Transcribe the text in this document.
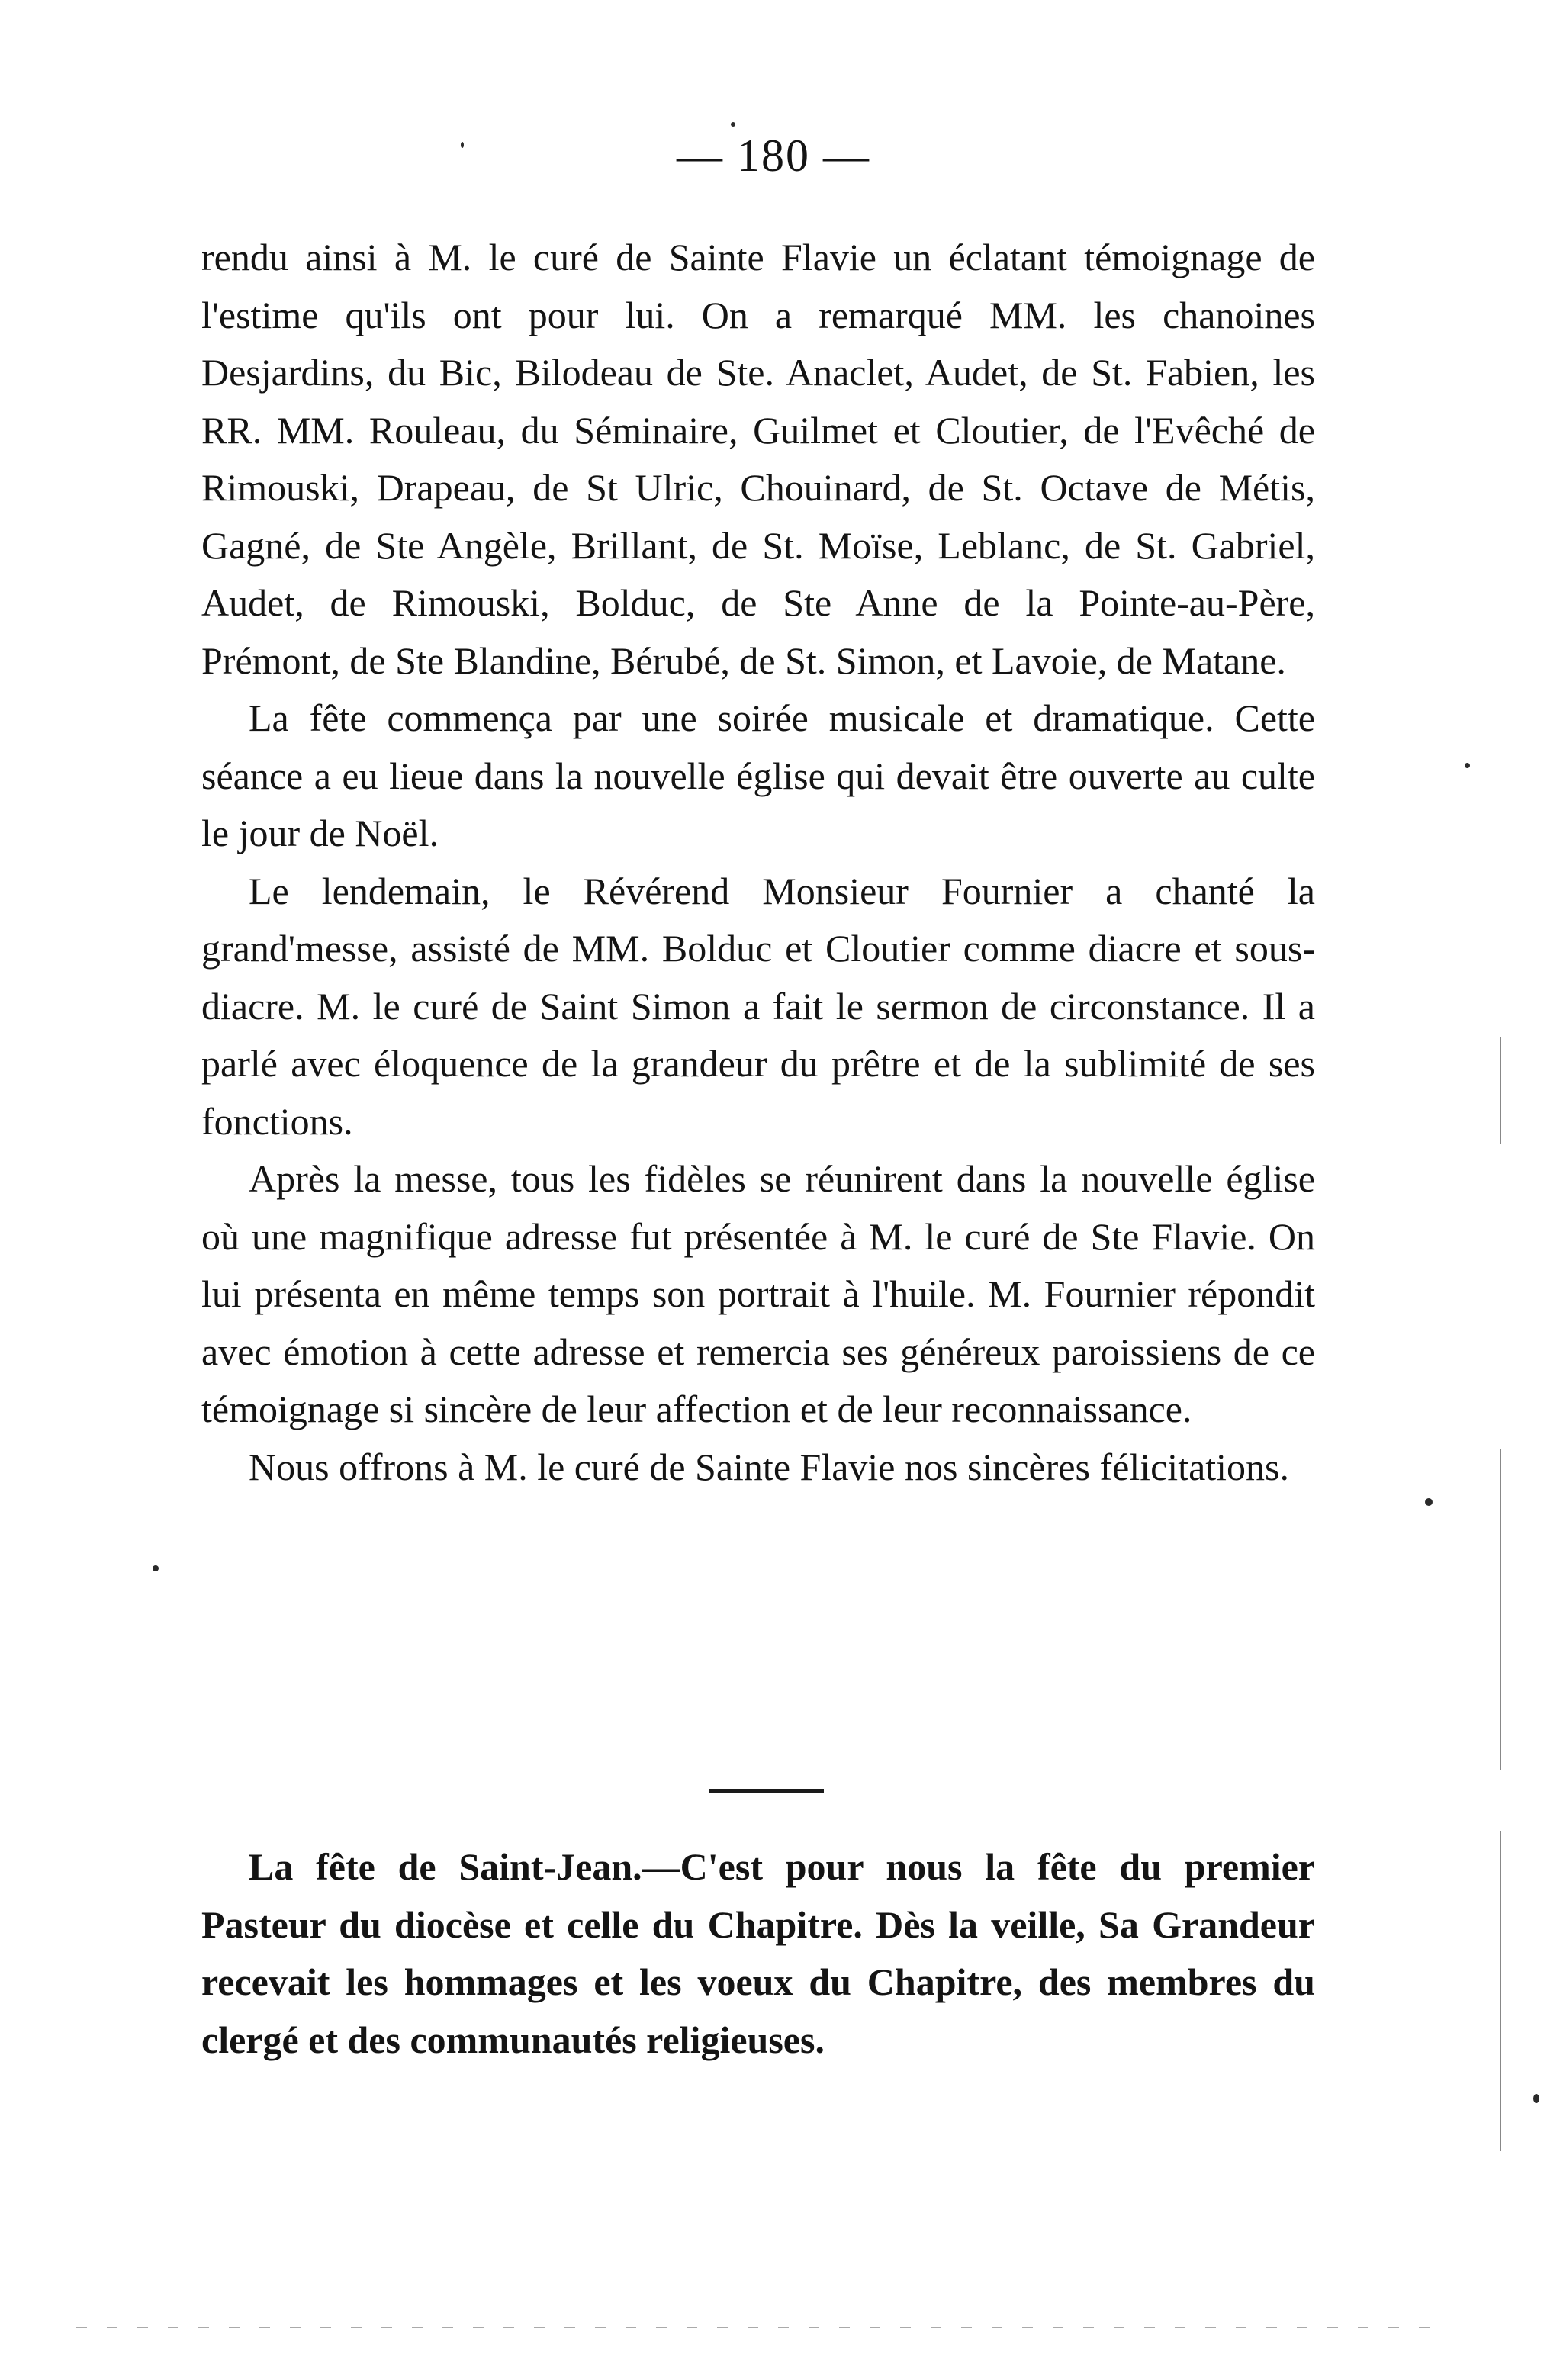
— 180 —

rendu ainsi à M. le curé de Sainte Flavie un éclatant témoignage de l'estime qu'ils ont pour lui. On a remarqué MM. les chanoines Desjardins, du Bic, Bilodeau de Ste. Anaclet, Audet, de St. Fabien, les RR. MM. Rouleau, du Séminaire, Guilmet et Cloutier, de l'Evêché de Rimouski, Drapeau, de St Ulric, Chouinard, de St. Octave de Métis, Gagné, de Ste Angèle, Brillant, de St. Moïse, Leblanc, de St. Gabriel, Audet, de Rimouski, Bolduc, de Ste Anne de la Pointe-au-Père, Prémont, de Ste Blandine, Bérubé, de St. Simon, et Lavoie, de Matane.

La fête commença par une soirée musicale et dramatique. Cette séance a eu lieue dans la nouvelle église qui devait être ouverte au culte le jour de Noël.

Le lendemain, le Révérend Monsieur Fournier a chanté la grand'messe, assisté de MM. Bolduc et Cloutier comme diacre et sous-diacre. M. le curé de Saint Simon a fait le sermon de circonstance. Il a parlé avec éloquence de la grandeur du prêtre et de la sublimité de ses fonctions.

Après la messe, tous les fidèles se réunirent dans la nouvelle église où une magnifique adresse fut présentée à M. le curé de Ste Flavie. On lui présenta en même temps son portrait à l'huile. M. Fournier répondit avec émotion à cette adresse et remercia ses généreux paroissiens de ce témoignage si sincère de leur affection et de leur reconnaissance.

Nous offrons à M. le curé de Sainte Flavie nos sincères félicitations.

La fête de Saint-Jean.—C'est pour nous la fête du premier Pasteur du diocèse et celle du Chapitre. Dès la veille, Sa Grandeur recevait les hommages et les voeux du Chapitre, des membres du clergé et des communautés religieuses.
